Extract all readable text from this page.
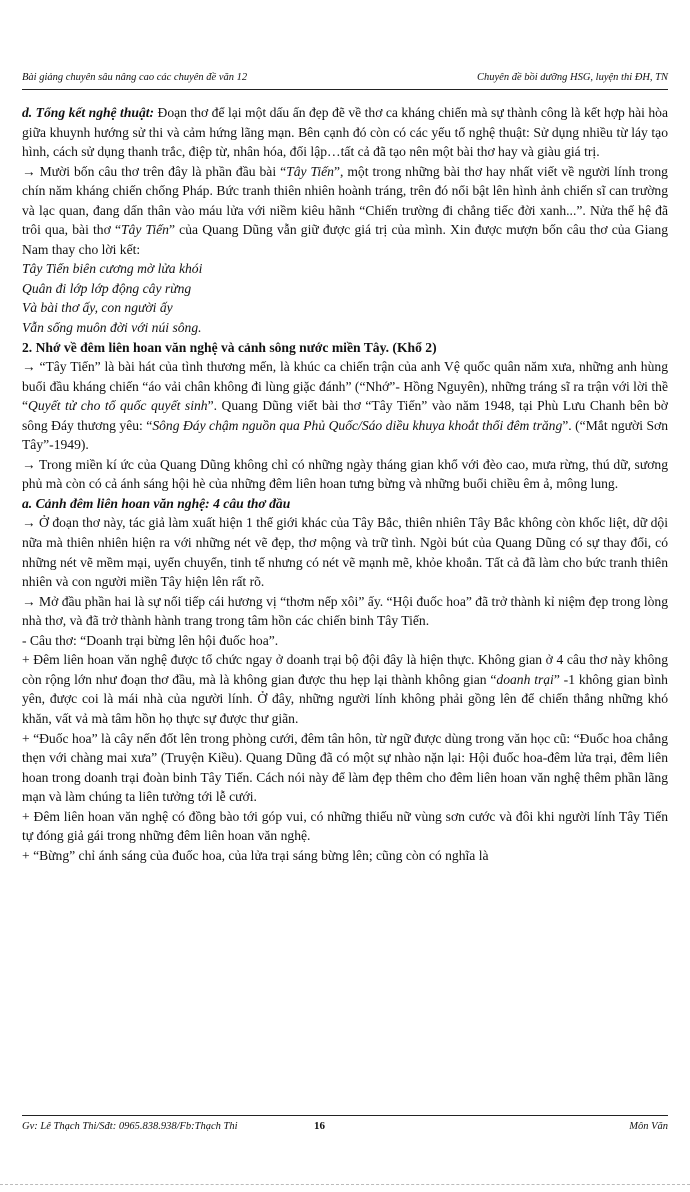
Bài giảng chuyên sâu nâng cao các chuyên đề văn 12	Chuyên đề bồi dưỡng HSG, luyện thi ĐH, TN

d. Tổng kết nghệ thuật: Đoạn thơ để lại một dấu ấn đẹp đẽ về thơ ca kháng chiến mà sự thành công là kết hợp hài hòa giữa khuynh hướng sử thi và cảm hứng lãng mạn. Bên cạnh đó còn có các yếu tố nghệ thuật: Sử dụng nhiều từ láy tạo hình, cách sử dụng thanh trắc, điệp từ, nhân hóa, đối lập…tất cả đã tạo nên một bài thơ hay và giàu giá trị.

→ Mười bốn câu thơ trên đây là phần đầu bài “Tây Tiến”, một trong những bài thơ hay nhất viết về người lính trong chín năm kháng chiến chống Pháp. Bức tranh thiên nhiên hoành tráng, trên đó nổi bật lên hình ảnh chiến sĩ can trường và lạc quan, đang dấn thân vào máu lửa với niềm kiêu hãnh “Chiến trường đi chẳng tiếc đời xanh...”. Nửa thế hệ đã trôi qua, bài thơ “Tây Tiến” của Quang Dũng vẫn giữ được giá trị của mình. Xin được mượn bốn câu thơ của Giang Nam thay cho lời kết:

Tây Tiến biên cương mờ lửa khói

Quân đi lớp lớp động cây rừng

Và bài thơ ấy, con người ấy

Vẫn sống muôn đời với núi sông.

2. Nhớ về đêm liên hoan văn nghệ và cảnh sông nước miền Tây. (Khổ 2)

→ “Tây Tiến” là bài hát của tình thương mến, là khúc ca chiến trận của anh Vệ quốc quân năm xưa, những anh hùng buổi đầu kháng chiến “áo vải chân không đi lùng giặc đánh” (“Nhớ”- Hồng Nguyên), những tráng sĩ ra trận với lời thề “Quyết tử cho tổ quốc quyết sinh”. Quang Dũng viết bài thơ “Tây Tiến” vào năm 1948, tại Phù Lưu Chanh bên bờ sông Đáy thương yêu: “Sông Đáy chậm nguồn qua Phủ Quốc/Sáo diều khuya khoắt thổi đêm trăng”. (“Mắt người Sơn Tây”-1949).

→ Trong miền kí ức của Quang Dũng không chỉ có những ngày tháng gian khổ với đèo cao, mưa rừng, thú dữ, sương phủ mà còn có cả ánh sáng hội hè của những đêm liên hoan tưng bừng và những buổi chiều êm ả, mông lung.

a. Cảnh đêm liên hoan văn nghệ: 4 câu thơ đầu

→ Ở đoạn thơ này, tác giả làm xuất hiện 1 thế giới khác của Tây Bắc, thiên nhiên Tây Bắc không còn khốc liệt, dữ dội nữa mà thiên nhiên hiện ra với những nét vẽ đẹp, thơ mộng và trữ tình. Ngòi bút của Quang Dũng có sự thay đổi, có những nét vẽ mềm mại, uyển chuyển, tinh tế nhưng có nét vẽ mạnh mẽ, khỏe khoắn. Tất cả đã làm cho bức tranh thiên nhiên và con người miền Tây hiện lên rất rõ.

→ Mở đầu phần hai là sự nối tiếp cái hương vị “thơm nếp xôi” ấy. “Hội đuốc hoa” đã trở thành kỉ niệm đẹp trong lòng nhà thơ, và đã trở thành hành trang trong tâm hồn các chiến binh Tây Tiến.

- Câu thơ: “Doanh trại bừng lên hội đuốc hoa”.

+ Đêm liên hoan văn nghệ được tổ chức ngay ở doanh trại bộ đội đây là hiện thực. Không gian ở 4 câu thơ này không còn rộng lớn như đoạn thơ đầu, mà là không gian được thu hẹp lại thành không gian “doanh trại” -1 không gian bình yên, được coi là mái nhà của người lính. Ở đây, những người lính không phải gồng lên để chiến thắng những khó khăn, vất vả mà tâm hồn họ thực sự được thư giãn.

+ “Đuốc hoa” là cây nến đốt lên trong phòng cưới, đêm tân hôn, từ ngữ được dùng trong văn học cũ: “Đuốc hoa chẳng thẹn với chàng mai xưa” (Truyện Kiều). Quang Dũng đã có một sự nhào nặn lại: Hội đuốc hoa-đêm lửa trại, đêm liên hoan trong doanh trại đoàn binh Tây Tiến. Cách nói này để làm đẹp thêm cho đêm liên hoan văn nghệ thêm phần lãng mạn và làm chúng ta liên tưởng tới lễ cưới.

+ Đêm liên hoan văn nghệ có đồng bào tới góp vui, có những thiếu nữ vùng sơn cước và đôi khi người lính Tây Tiến tự đóng giả gái trong những đêm liên hoan văn nghệ.

+ “Bừng” chỉ ánh sáng của đuốc hoa, của lửa trại sáng bừng lên; cũng còn có nghĩa là

Gv: Lê Thạch Thi/Sđt: 0965.838.938/Fb:Thạch Thi	16	Môn Văn
